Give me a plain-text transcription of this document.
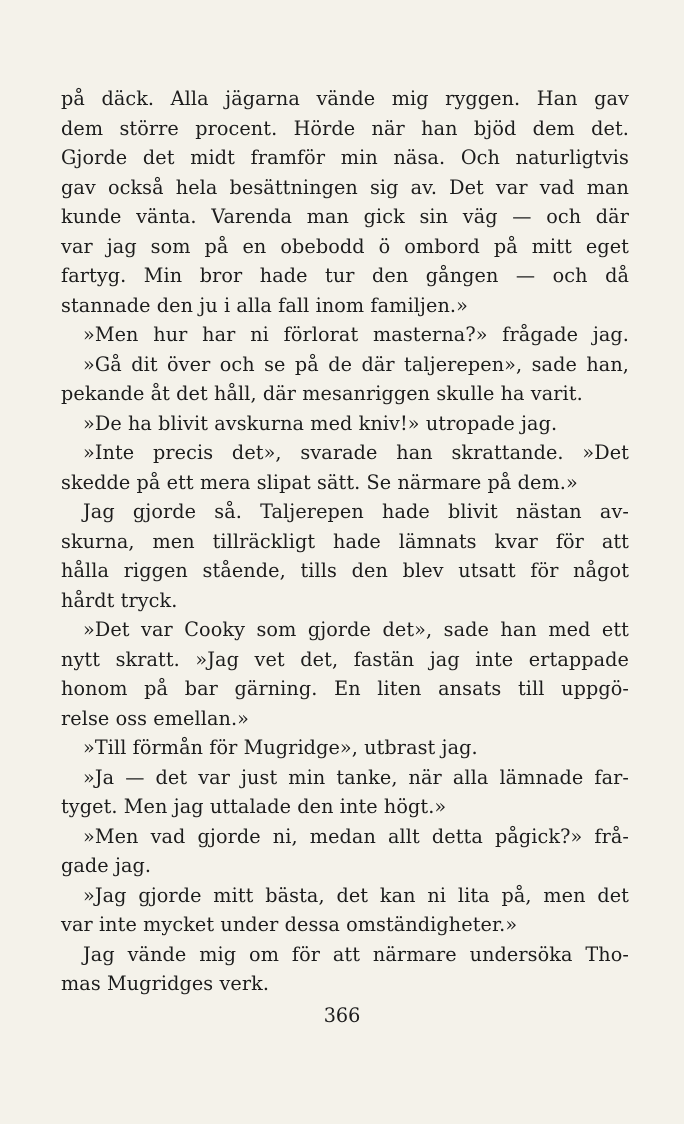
på däck. Alla jägarna vände mig ryggen. Han gav
dem större procent. Hörde när han bjöd dem det.
Gjorde det midt framför min näsa. Och naturligtvis
gav också hela besättningen sig av. Det var vad man
kunde vänta. Varenda man gick sin väg — och där
var jag som på en obebodd ö ombord på mitt eget
fartyg. Min bror hade tur den gången — och då
stannade den ju i alla fall inom familjen.»
»Men hur har ni förlorat masterna?» frågade jag.
»Gå dit över och se på de där taljerepen», sade han,
pekande åt det håll, där mesanriggen skulle ha varit.
»De ha blivit avskurna med kniv!» utropade jag.
»Inte precis det», svarade han skrattande. »Det
skedde på ett mera slipat sätt. Se närmare på dem.»
Jag gjorde så. Taljerepen hade blivit nästan av-
skurna, men tillräckligt hade lämnats kvar för att
hålla riggen stående, tills den blev utsatt för något
hårdt tryck.
»Det var Cooky som gjorde det», sade han med ett
nytt skratt. »Jag vet det, fastän jag inte ertappade
honom på bar gärning. En liten ansats till uppgö-
relse oss emellan.»
»Till förmån för Mugridge», utbrast jag.
»Ja — det var just min tanke, när alla lämnade far-
tyget. Men jag uttalade den inte högt.»
»Men vad gjorde ni, medan allt detta pågick?» frå-
gade jag.
»Jag gjorde mitt bästa, det kan ni lita på, men det
var inte mycket under dessa omständigheter.»
Jag vände mig om för att närmare undersöka Tho-
mas Mugridges verk.
366
